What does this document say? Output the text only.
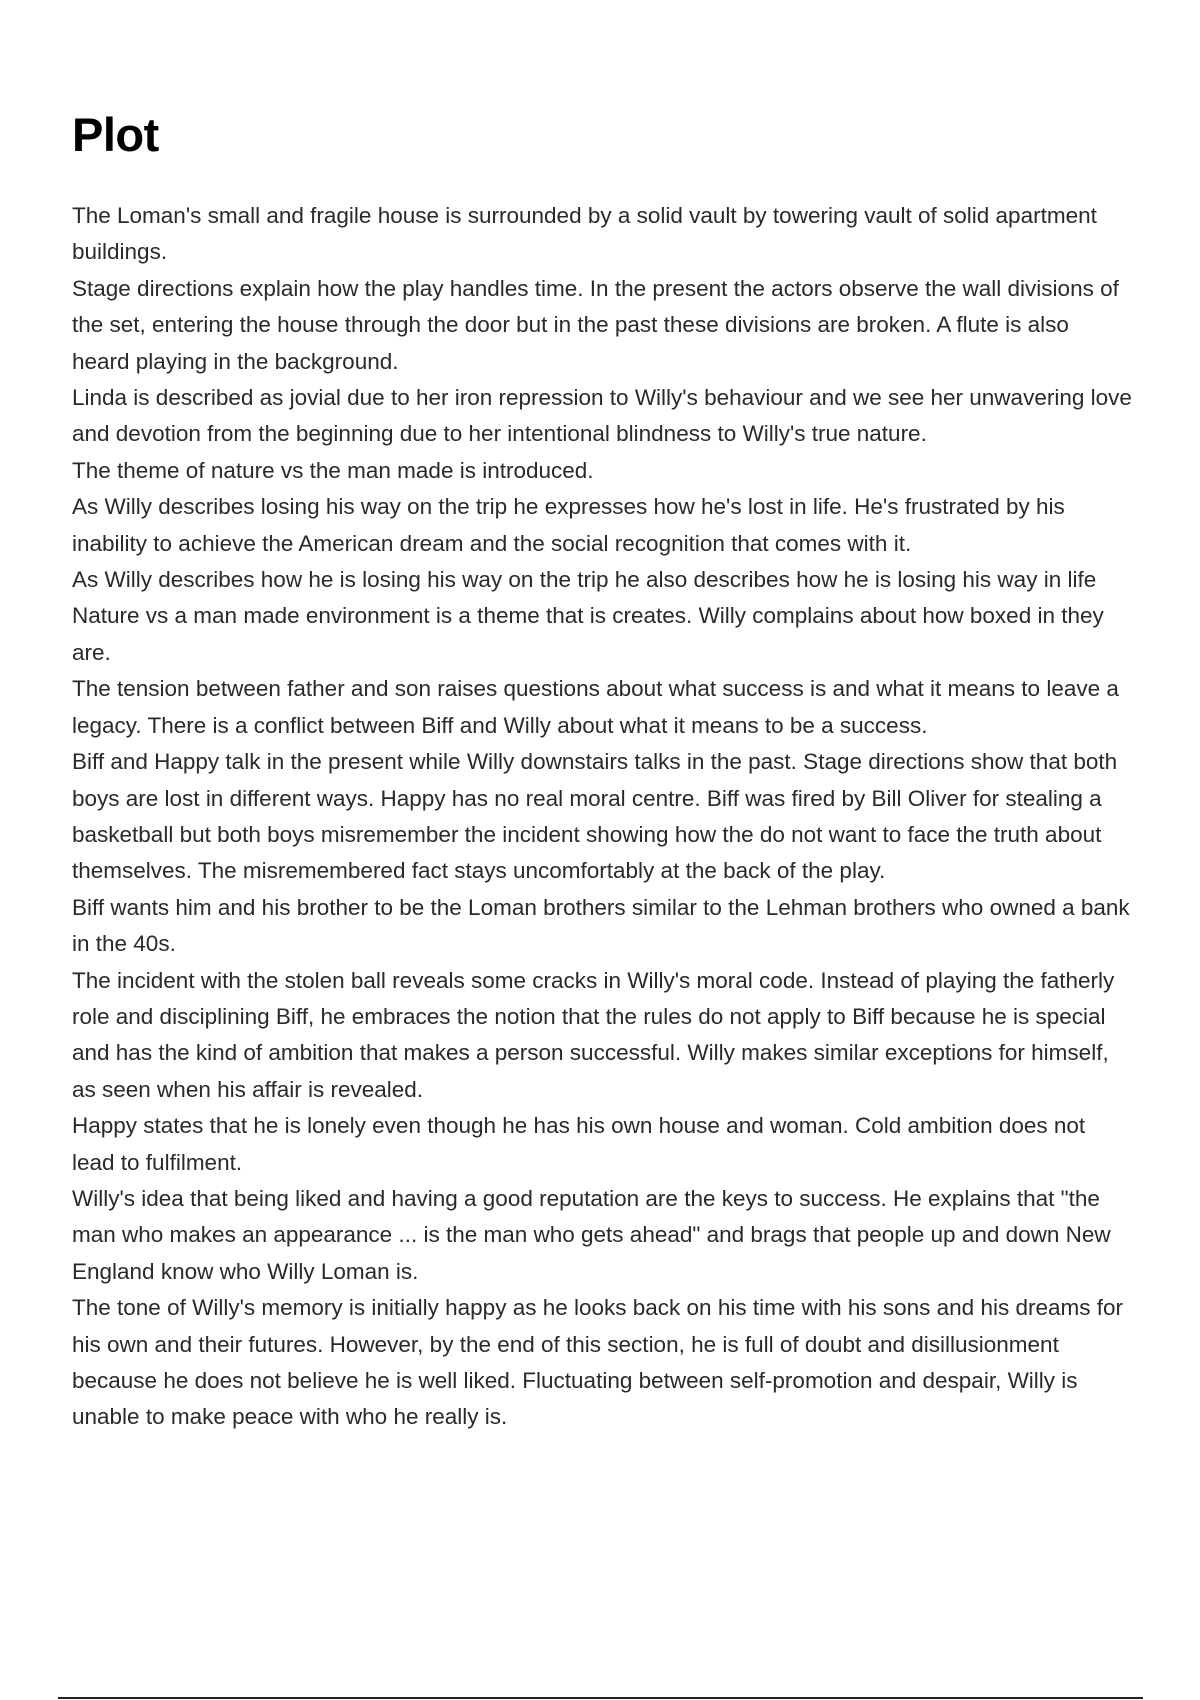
Plot

The Loman's small and fragile house is surrounded by a solid vault by towering vault of solid apartment buildings.

Stage directions explain how the play handles time. In the present the actors observe the wall divisions of the set, entering the house through the door but in the past these divisions are broken. A flute is also heard playing in the background.

Linda is described as jovial due to her iron repression to Willy's behaviour and we see her unwavering love and devotion from the beginning due to her intentional blindness to Willy's true nature.

The theme of nature vs the man made is introduced.

As Willy describes losing his way on the trip he expresses how he's lost in life. He's frustrated by his inability to achieve the American dream and the social recognition that comes with it.

As Willy describes how he is losing his way on the trip he also describes how he is losing his way in life

Nature vs a man made environment is a theme that is creates. Willy complains about how boxed in they are.

The tension between father and son raises questions about what success is and what it means to leave a legacy. There is a conflict between Biff and Willy about what it means to be a success.

Biff and Happy talk in the present while Willy downstairs talks in the past. Stage directions show that both boys are lost in different ways. Happy has no real moral centre. Biff was fired by Bill Oliver for stealing a basketball but both boys misremember the incident showing how the do not want to face the truth about themselves. The misremembered fact stays uncomfortably at the back of the play.

Biff wants him and his brother to be the Loman brothers similar to the Lehman brothers who owned a bank in the 40s.

The incident with the stolen ball reveals some cracks in Willy's moral code. Instead of playing the fatherly role and disciplining Biff, he embraces the notion that the rules do not apply to Biff because he is special and has the kind of ambition that makes a person successful. Willy makes similar exceptions for himself, as seen when his affair is revealed.

Happy states that he is lonely even though he has his own house and woman. Cold ambition does not lead to fulfilment.

Willy's idea that being liked and having a good reputation are the keys to success. He explains that "the man who makes an appearance ... is the man who gets ahead" and brags that people up and down New England know who Willy Loman is.

The tone of Willy's memory is initially happy as he looks back on his time with his sons and his dreams for his own and their futures. However, by the end of this section, he is full of doubt and disillusionment because he does not believe he is well liked. Fluctuating between self-promotion and despair, Willy is unable to make peace with who he really is.
